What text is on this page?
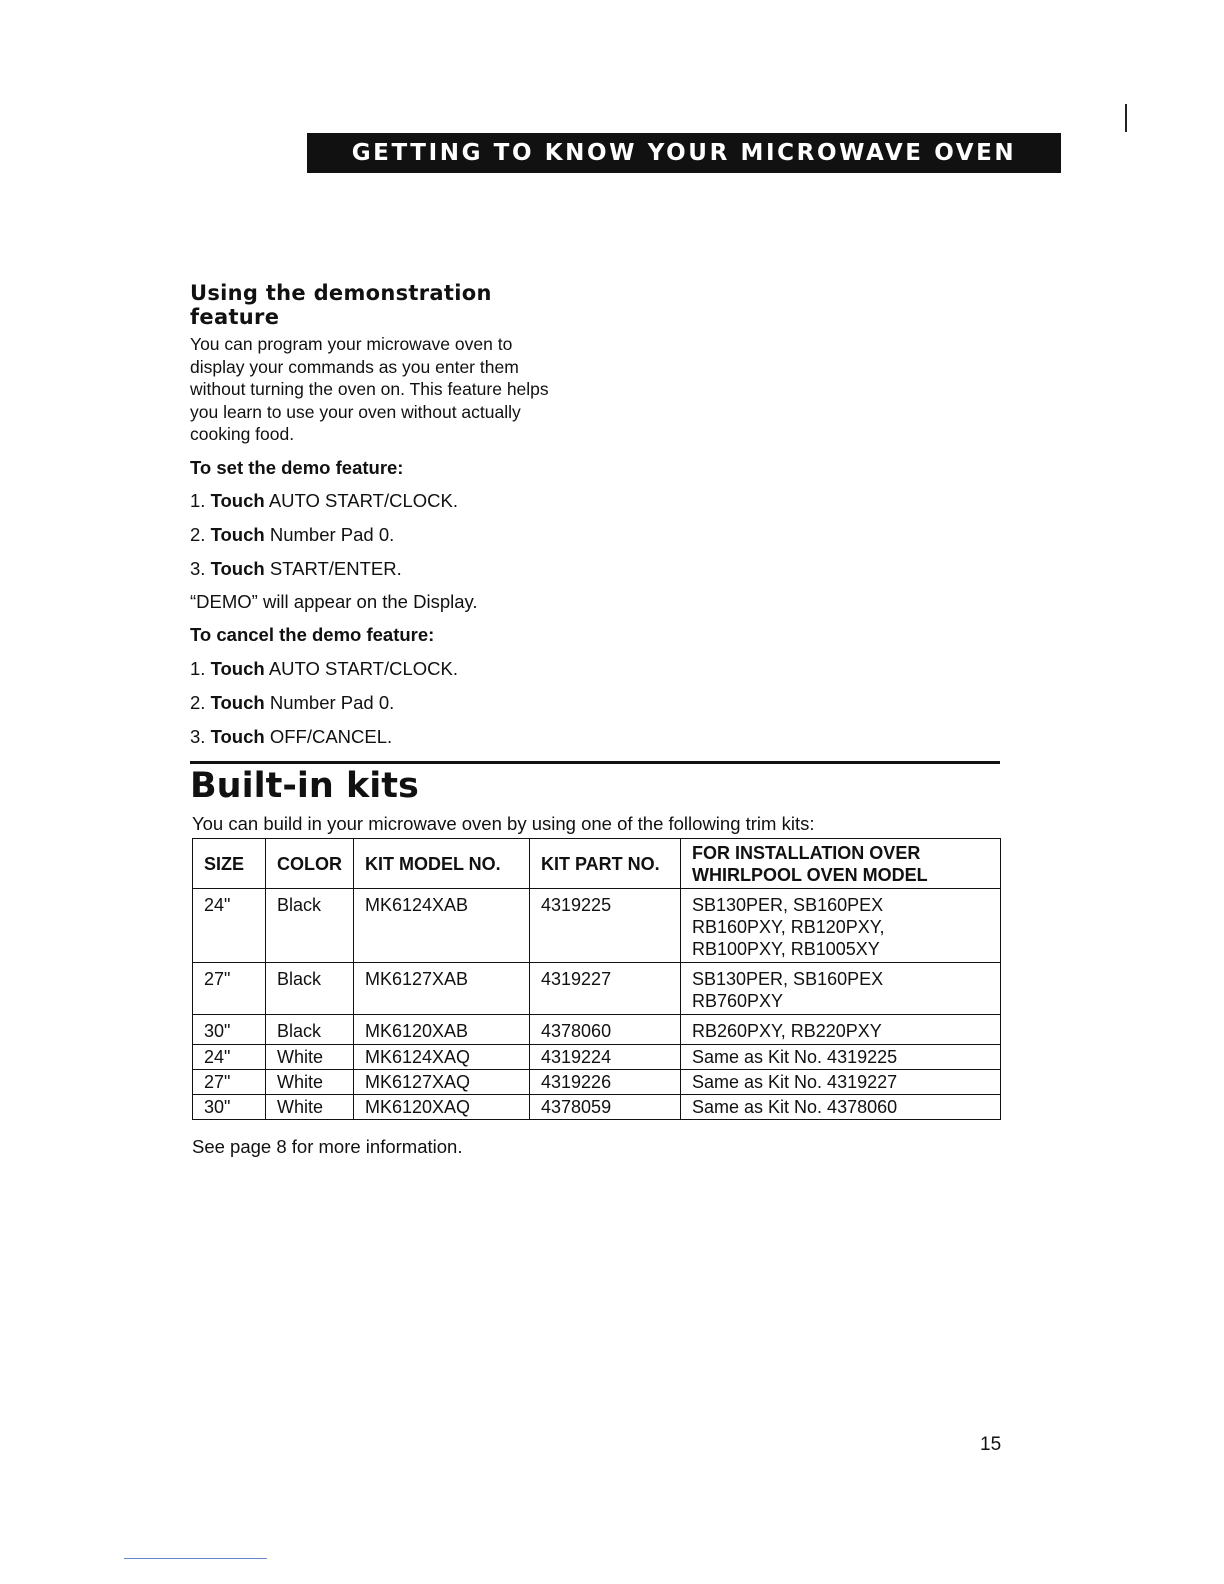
GETTING TO KNOW YOUR MICROWAVE OVEN
Using the demonstration
feature

You can program your microwave oven to display your commands as you enter them without turning the oven on. This feature helps you learn to use your oven without actually cooking food.

To set the demo feature:

1. Touch AUTO START/CLOCK.

2. Touch Number Pad 0.

3. Touch START/ENTER.

“DEMO” will appear on the Display.

To cancel the demo feature:

1. Touch AUTO START/CLOCK.

2. Touch Number Pad 0.

3. Touch OFF/CANCEL.

Built-in kits

You can build in your microwave oven by using one of the following trim kits:

SIZE	COLOR	KIT MODEL NO.	KIT PART NO.	FOR INSTALLATION OVER WHIRLPOOL OVEN MODEL
24"	Black	MK6124XAB	4319225	SB130PER, SB160PEX
RB160PXY, RB120PXY,
RB100PXY, RB1005XY

27"	Black	MK6127XAB	4319227	SB130PER, SB160PEX
RB760PXY

30"	Black	MK6120XAB	4378060	RB260PXY, RB220PXY

24"	White	MK6124XAQ	4319224	Same as Kit No. 4319225

27"	White	MK6127XAQ	4319226	Same as Kit No. 4319227

30"	White	MK6120XAQ	4378059	Same as Kit No. 4378060

See page 8 for more information.

15
